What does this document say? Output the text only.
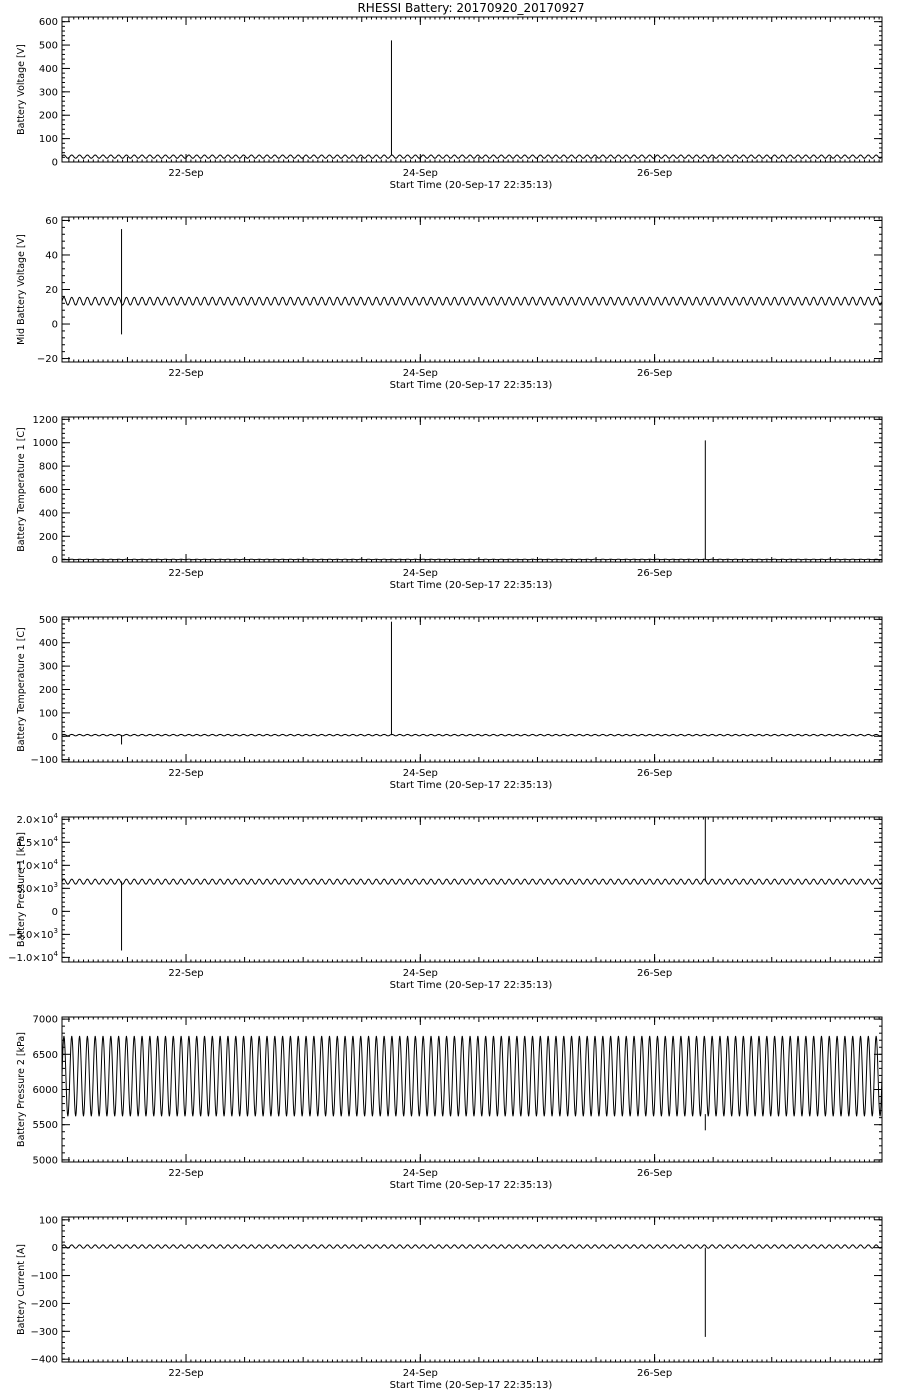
RHESSI Battery: 20170920_20170927
22-Sep	24-Sep	26-Sep
Start Time (20-Sep-17 22:35:13)
0
100
200
300
400
500
600
Battery Voltage [V]
22-Sep	24-Sep	26-Sep
Start Time (20-Sep-17 22:35:13)
−20
0
20
40
60
Mid Battery Voltage [V]
22-Sep	24-Sep	26-Sep
Start Time (20-Sep-17 22:35:13)
0
200
400
600
800
1000
1200
Battery Temperature 1 [C]
22-Sep	24-Sep	26-Sep
Start Time (20-Sep-17 22:35:13)
−100
0
100
200
300
400
500
Battery Temperature 1 [C]
22-Sep	24-Sep	26-Sep
Start Time (20-Sep-17 22:35:13)
$-1.0\times 10^4$
$-5.0\times 10^3$
0
$5.0\times 10^3$
$1.0\times 10^4$
$1.5\times 10^4$
$2.0\times 10^4$
Battery Pressure 1 [kPa]
22-Sep	24-Sep	26-Sep
Start Time (20-Sep-17 22:35:13)
5000
5500
6000
6500
7000
Battery Pressure 2 [kPa]
22-Sep	24-Sep	26-Sep
Start Time (20-Sep-17 22:35:13)
−400
−300
−200
−100
0
100
Battery Current [A]
